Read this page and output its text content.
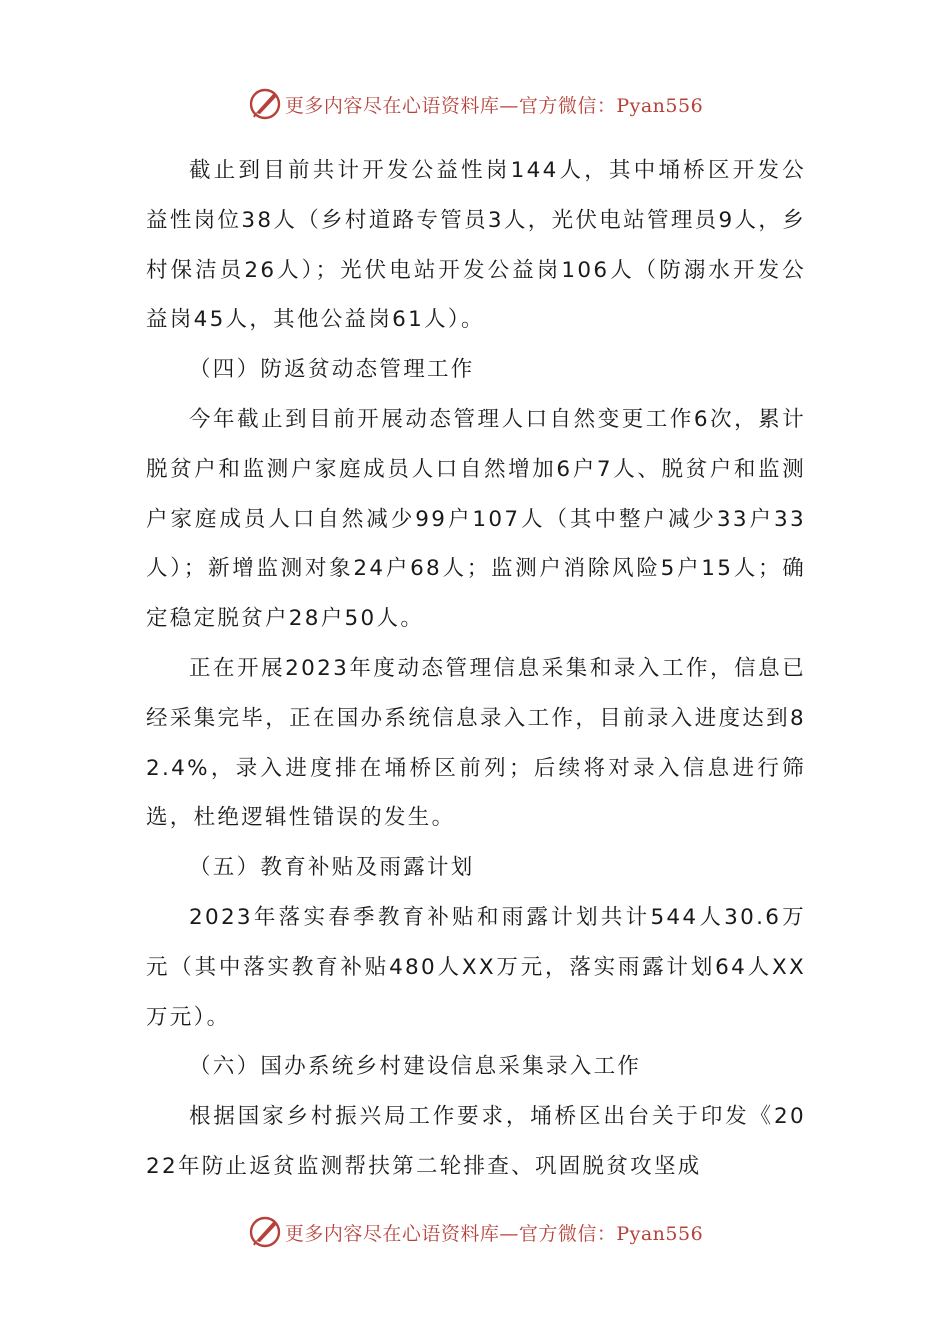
更多内容尽在心语资料库—官方微信：Pyan556

截止到目前共计开发公益性岗144人，其中埇桥区开发公益性岗位38人（乡村道路专管员3人，光伏电站管理员9人，乡村保洁员26人）；光伏电站开发公益岗106人（防溺水开发公益岗45人，其他公益岗61人）。

（四）防返贫动态管理工作

今年截止到目前开展动态管理人口自然变更工作6次，累计脱贫户和监测户家庭成员人口自然增加6户7人、脱贫户和监测户家庭成员人口自然减少99户107人（其中整户减少33户33人）；新增监测对象24户68人；监测户消除风险5户15人；确定稳定脱贫户28户50人。

正在开展2023年度动态管理信息采集和录入工作，信息已经采集完毕，正在国办系统信息录入工作，目前录入进度达到82.4%，录入进度排在埇桥区前列；后续将对录入信息进行筛选，杜绝逻辑性错误的发生。

（五）教育补贴及雨露计划

2023年落实春季教育补贴和雨露计划共计544人30.6万元（其中落实教育补贴480人XX万元，落实雨露计划64人XX万元）。

（六）国办系统乡村建设信息采集录入工作

根据国家乡村振兴局工作要求，埇桥区出台关于印发《2022年防止返贫监测帮扶第二轮排查、巩固脱贫攻坚成

更多内容尽在心语资料库—官方微信：Pyan556
